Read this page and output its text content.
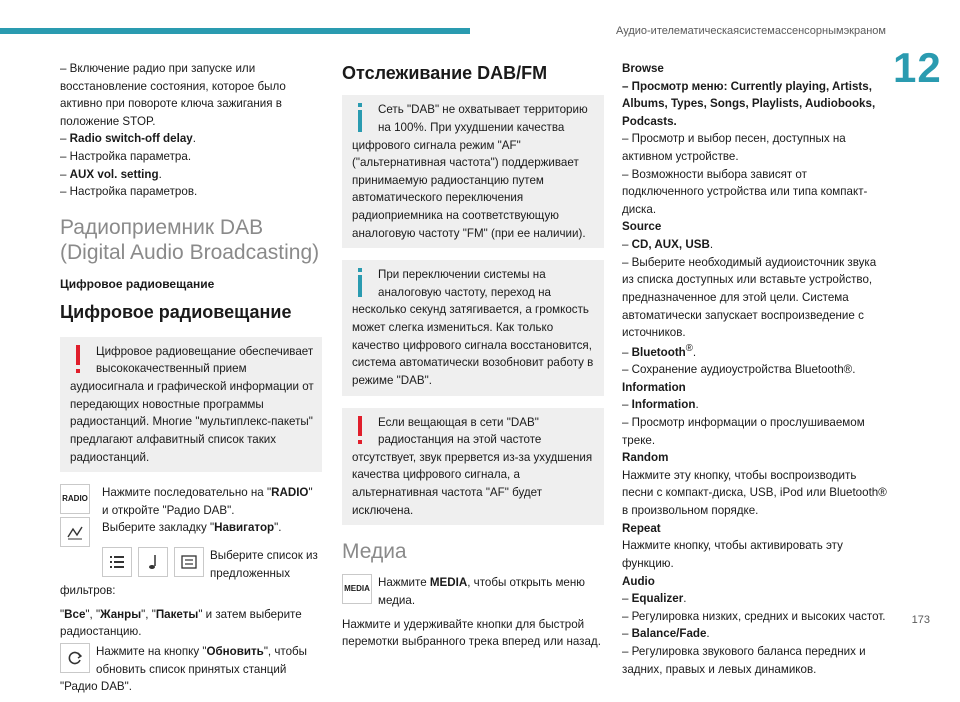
Аудио-ителематическаясистемассенсорнымэкраном
12
173

– Включение радио при запуске или восстановление состояния, которое было активно при повороте ключа зажигания в положение STOP.

– Radio switch-off delay.

– Настройка параметра.

– AUX vol. setting.

– Настройка параметров.

Радиоприемник DAB (Digital Audio Broadcasting)
Цифровое радиовещание
Цифровое радиовещание
Цифровое радиовещание обеспечивает высококачественный прием аудиосигнала и графической информации от передающих новостные программы радиостанций. Многие "мультиплекс-пакеты" предлагают алфавитный список таких радиостанций.
RADIO	Нажмите последовательно на "RADIO" и откройте "Радио DAB".

Выберите закладку "Навигатор".

Выберите список из предложенных фильтров:

"Все", "Жанры", "Пакеты" и затем выберите радиостанцию.

Нажмите на кнопку "Обновить", чтобы обновить список принятых станций "Радио DAB".

Отслеживание DAB/FM
Сеть "DAB" не охватывает территорию на 100%. При ухудшении качества цифрового сигнала режим "AF" ("альтернативная частота") поддерживает принимаемую радиостанцию путем автоматического переключения радиоприемника на соответствующую аналоговую частоту "FM" (при ее наличии).
При переключении системы на аналоговую частоту, переход на несколько секунд затягивается, а громкость может слегка измениться. Как только качество цифрового сигнала восстановится, система автоматически возобновит работу в режиме "DAB".
Если вещающая в сети "DAB" радиостанция на этой частоте отсутствует, звук прервется из-за ухудшения качества цифрового сигнала, а альтернативная частота "AF" будет исключена.
Медиа
MEDIA Нажмите MEDIA, чтобы открыть меню медиа.

Нажмите и удерживайте кнопки для быстрой перемотки выбранного трека вперед или назад.

Browse

– Просмотр меню: Currently playing, Artists, Albums, Types, Songs, Playlists, Audiobooks, Podcasts.

– Просмотр и выбор песен, доступных на активном устройстве.

– Возможности выбора зависят от подключенного устройства или типа компакт-диска.

Source

– CD, AUX, USB.

– Выберите необходимый аудиоисточник звука из списка доступных или вставьте устройство, предназначенное для этой цели. Система автоматически запускает воспроизведение с источников.

– Bluetooth®.

– Сохранение аудиоустройства Bluetooth®.

Information

– Information.

– Просмотр информации о прослушиваемом треке.

Random

Нажмите эту кнопку, чтобы воспроизводить песни с компакт-диска, USB, iPod или Bluetooth® в произвольном порядке.

Repeat

Нажмите кнопку, чтобы активировать эту функцию.

Audio

– Equalizer.

– Регулировка низких, средних и высоких частот.

– Balance/Fade.

– Регулировка звукового баланса передних и задних, правых и левых динамиков.
